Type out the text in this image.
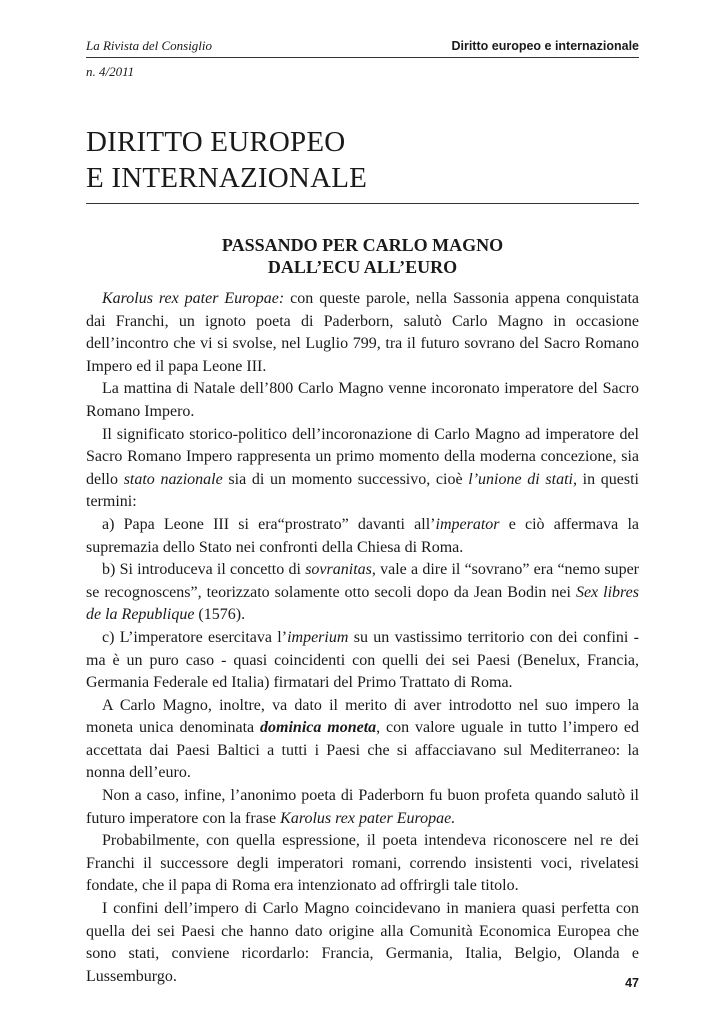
La Rivista del Consiglio
n. 4/2011
Diritto europeo e internazionale
DIRITTO EUROPEO
E INTERNAZIONALE
PASSANDO PER CARLO MAGNO
DALL’ECU ALL’EURO

Karolus rex pater Europae: con queste parole, nella Sassonia appena conquistata dai Franchi, un ignoto poeta di Paderborn, salutò Carlo Magno in occasione dell’incontro che vi si svolse, nel Luglio 799, tra il futuro sovrano del Sacro Romano Impero ed il papa Leone III.

La mattina di Natale dell’800 Carlo Magno venne incoronato imperatore del Sacro Romano Impero.

Il significato storico-politico dell’incoronazione di Carlo Magno ad imperatore del Sacro Romano Impero rappresenta un primo momento della moderna concezione, sia dello stato nazionale sia di un momento successivo, cioè l’unione di stati, in questi termini:

a) Papa Leone III si era“prostrato” davanti all’imperator e ciò affermava la supremazia dello Stato nei confronti della Chiesa di Roma.

b) Si introduceva il concetto di sovranitas, vale a dire il “sovrano” era “nemo super se recognoscens”, teorizzato solamente otto secoli dopo da Jean Bodin nei Sex libres de la Republique (1576).

c) L’imperatore esercitava l’imperium su un vastissimo territorio con dei confini - ma è un puro caso - quasi coincidenti con quelli dei sei Paesi (Benelux, Francia, Germania Federale ed Italia) firmatari del Primo Trattato di Roma.

A Carlo Magno, inoltre, va dato il merito di aver introdotto nel suo impero la moneta unica denominata dominica moneta, con valore uguale in tutto l’impero ed accettata dai Paesi Baltici a tutti i Paesi che si affacciavano sul Mediterraneo: la nonna dell’euro.

Non a caso, infine, l’anonimo poeta di Paderborn fu buon profeta quando salutò il futuro imperatore con la frase Karolus rex pater Europae.

Probabilmente, con quella espressione, il poeta intendeva riconoscere nel re dei Franchi il successore degli imperatori romani, correndo insistenti voci, rivelatesi fondate, che il papa di Roma era intenzionato ad offrirgli tale titolo.

I confini dell’impero di Carlo Magno coincidevano in maniera quasi perfetta con quella dei sei Paesi che hanno dato origine alla Comunità Economica Europea che sono stati, conviene ricordarlo: Francia, Germania, Italia, Belgio, Olanda e Lussemburgo.	47
